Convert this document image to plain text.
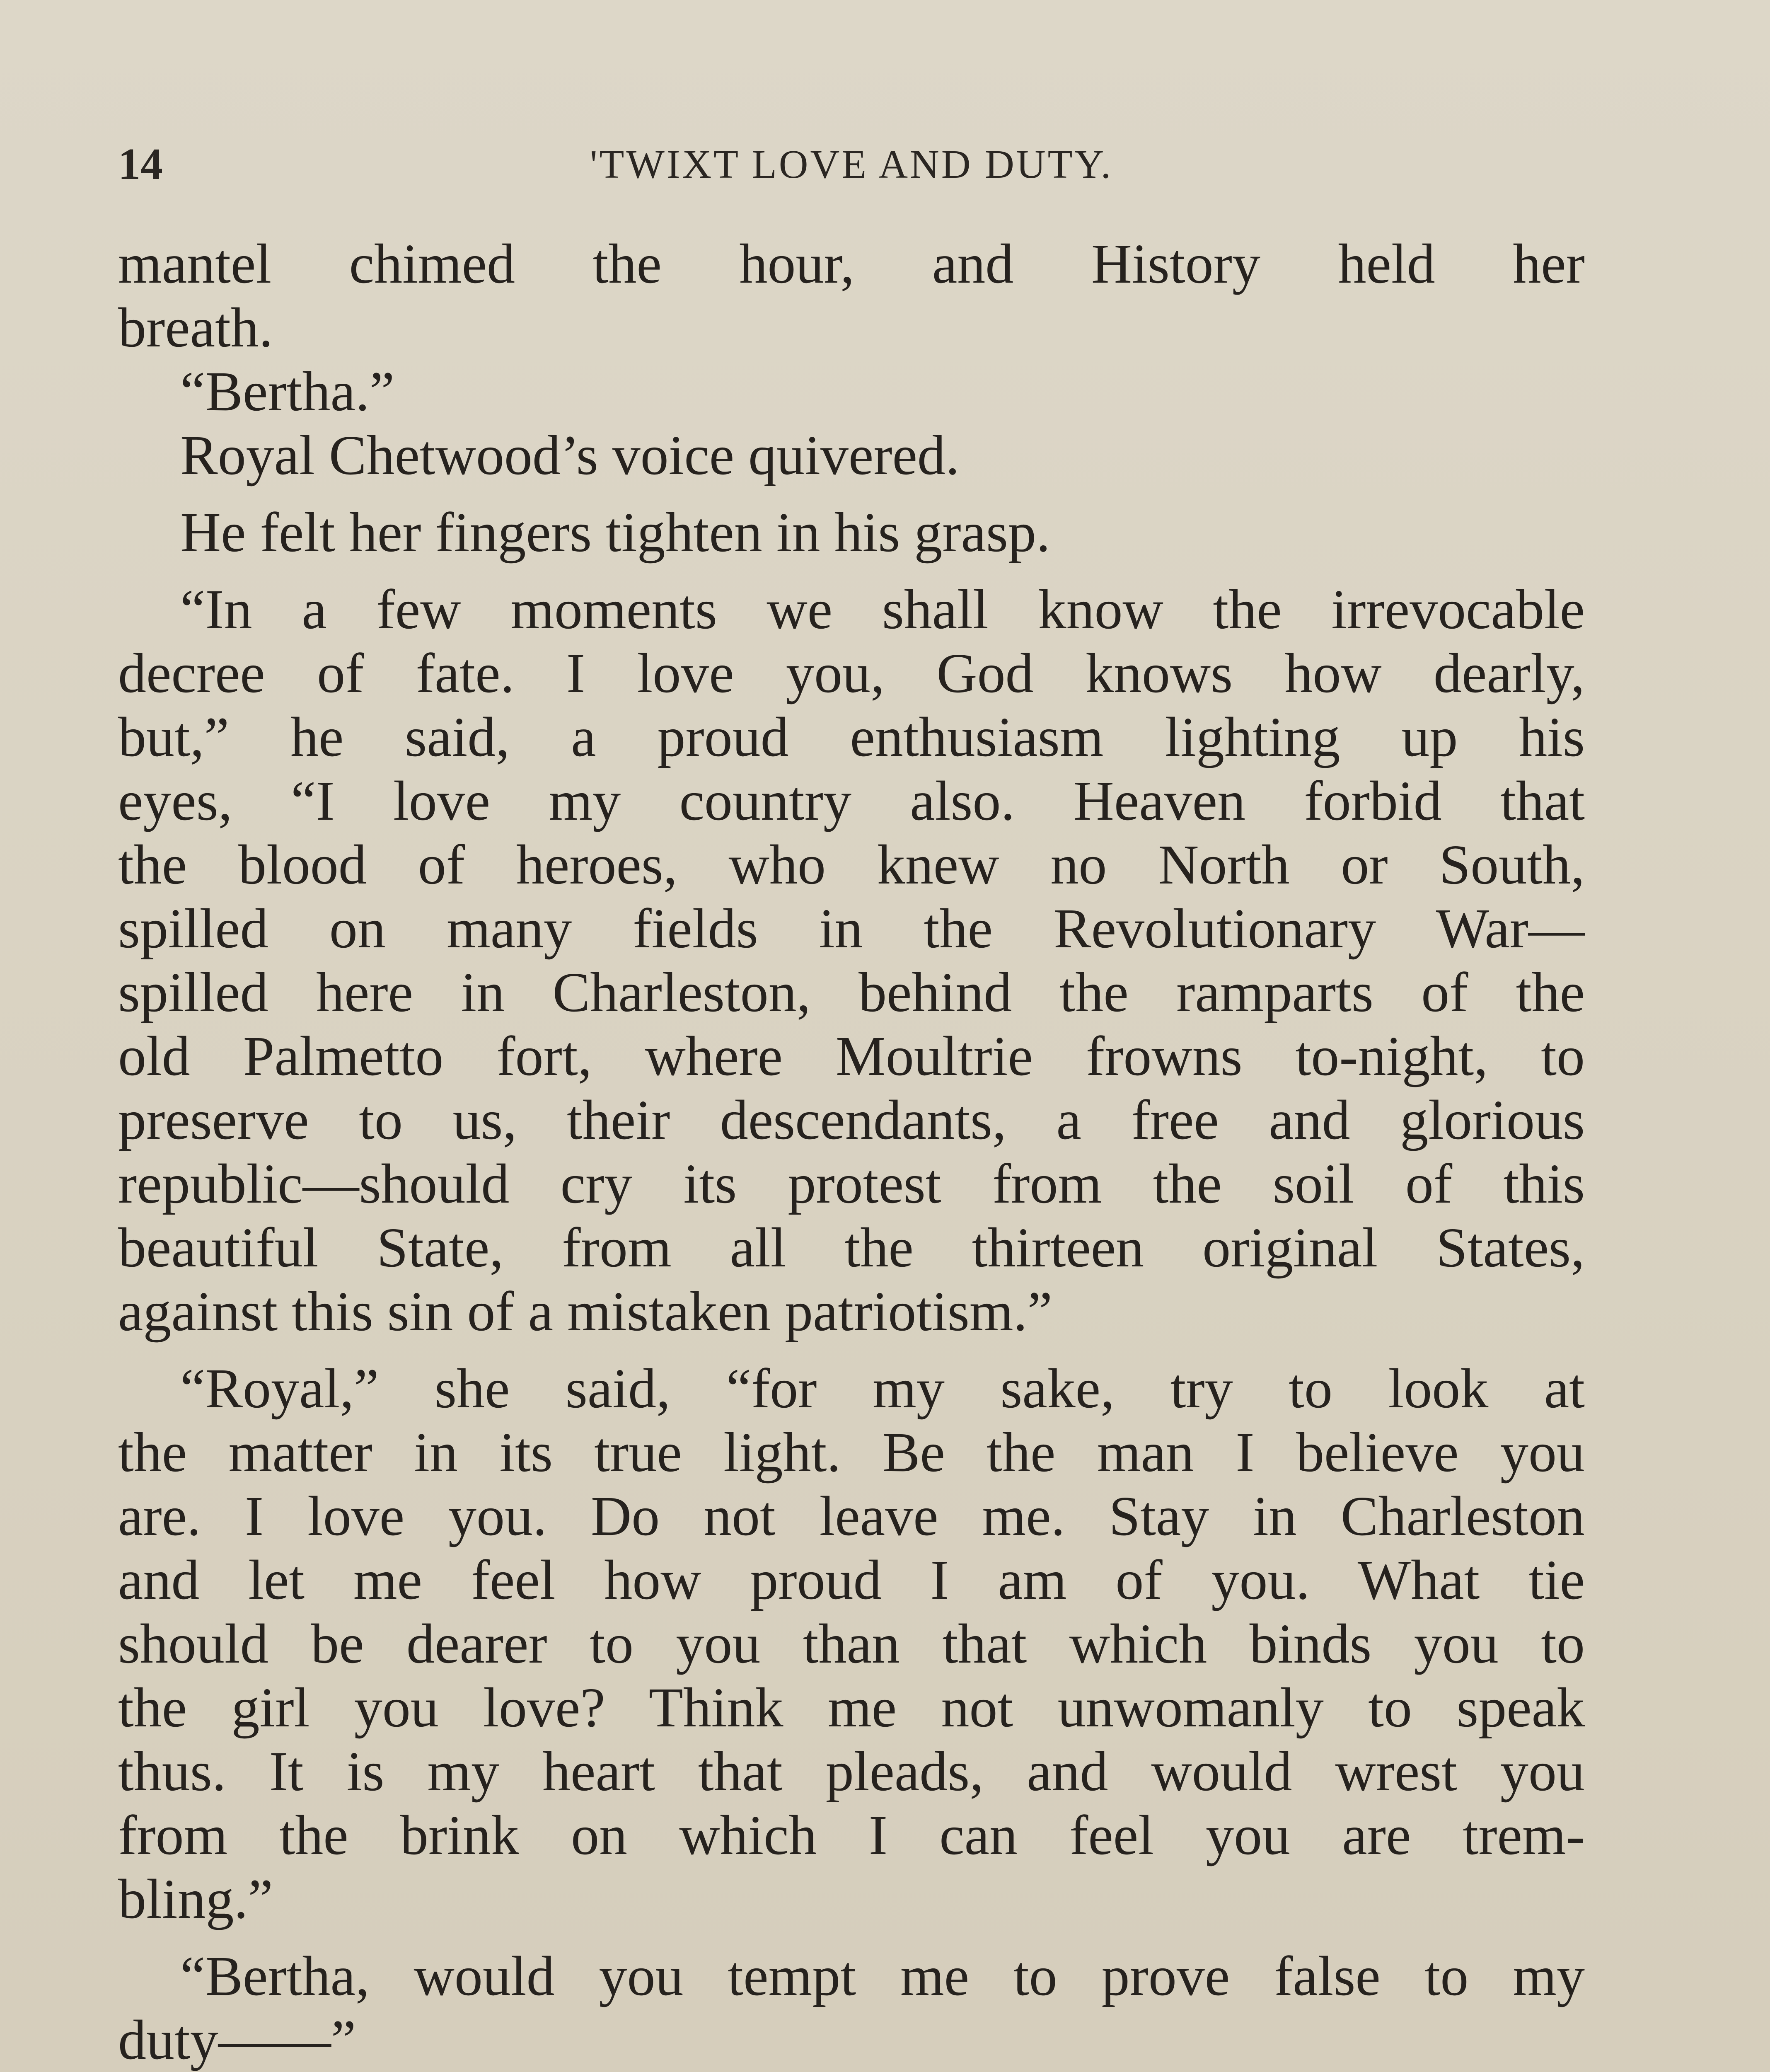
14	'TWIXT LOVE AND DUTY.
mantel chimed the hour, and History held her
breath.
“Bertha.”
Royal Chetwood’s voice quivered.
He felt her fingers tighten in his grasp.
“In a few moments we shall know the irrevocable
decree of fate. I love you, God knows how dearly,
but,” he said, a proud enthusiasm lighting up his
eyes, “I love my country also. Heaven forbid that
the blood of heroes, who knew no North or South,
spilled on many fields in the Revolutionary War—
spilled here in Charleston, behind the ramparts of the
old Palmetto fort, where Moultrie frowns to-night, to
preserve to us, their descendants, a free and glorious
republic—should cry its protest from the soil of this
beautiful State, from all the thirteen original States,
against this sin of a mistaken patriotism.”
“Royal,” she said, “for my sake, try to look at
the matter in its true light. Be the man I believe you
are. I love you. Do not leave me. Stay in Charleston
and let me feel how proud I am of you. What tie
should be dearer to you than that which binds you to
the girl you love? Think me not unwomanly to speak
thus. It is my heart that pleads, and would wrest you
from the brink on which I can feel you are trem-
bling.”
“Bertha, would you tempt me to prove false to my
duty——”
